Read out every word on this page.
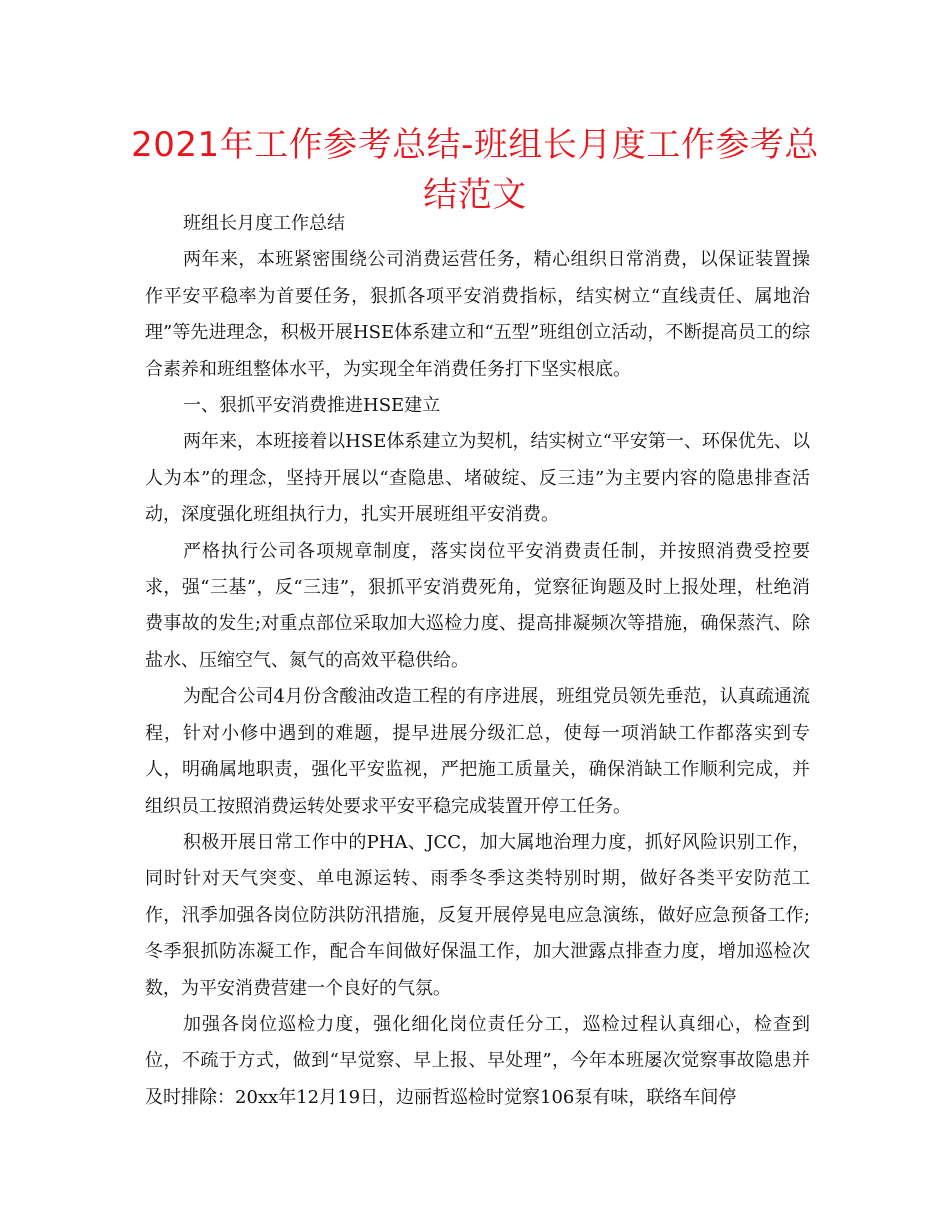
2021年工作参考总结-班组长月度工作参考总结范文

班组长月度工作总结

两年来，本班紧密围绕公司消费运营任务，精心组织日常消费，以保证装置操作平安平稳率为首要任务，狠抓各项平安消费指标，结实树立“直线责任、属地治理”等先进理念，积极开展HSE体系建立和“五型”班组创立活动，不断提高员工的综合素养和班组整体水平，为实现全年消费任务打下坚实根底。

一、狠抓平安消费推进HSE建立

两年来，本班接着以HSE体系建立为契机，结实树立“平安第一、环保优先、以人为本”的理念，坚持开展以“查隐患、堵破绽、反三违”为主要内容的隐患排查活动，深度强化班组执行力，扎实开展班组平安消费。

严格执行公司各项规章制度，落实岗位平安消费责任制，并按照消费受控要求，强“三基”，反“三违”，狠抓平安消费死角，觉察征询题及时上报处理，杜绝消费事故的发生;对重点部位采取加大巡检力度、提高排凝频次等措施，确保蒸汽、除盐水、压缩空气、氮气的高效平稳供给。

为配合公司4月份含酸油改造工程的有序进展，班组党员领先垂范，认真疏通流程，针对小修中遇到的难题，提早进展分级汇总，使每一项消缺工作都落实到专人，明确属地职责，强化平安监视，严把施工质量关，确保消缺工作顺利完成，并组织员工按照消费运转处要求平安平稳完成装置开停工任务。

积极开展日常工作中的PHA、JCC，加大属地治理力度，抓好风险识别工作，同时针对天气突变、单电源运转、雨季冬季这类特别时期，做好各类平安防范工作，汛季加强各岗位防洪防汛措施，反复开展停晃电应急演练，做好应急预备工作;冬季狠抓防冻凝工作，配合车间做好保温工作，加大泄露点排查力度，增加巡检次数，为平安消费营建一个良好的气氛。

加强各岗位巡检力度，强化细化岗位责任分工，巡检过程认真细心，检查到位，不疏于方式，做到“早觉察、早上报、早处理”，今年本班屡次觉察事故隐患并及时排除：20xx年12月19日，边丽哲巡检时觉察106泵有味，联络车间停
